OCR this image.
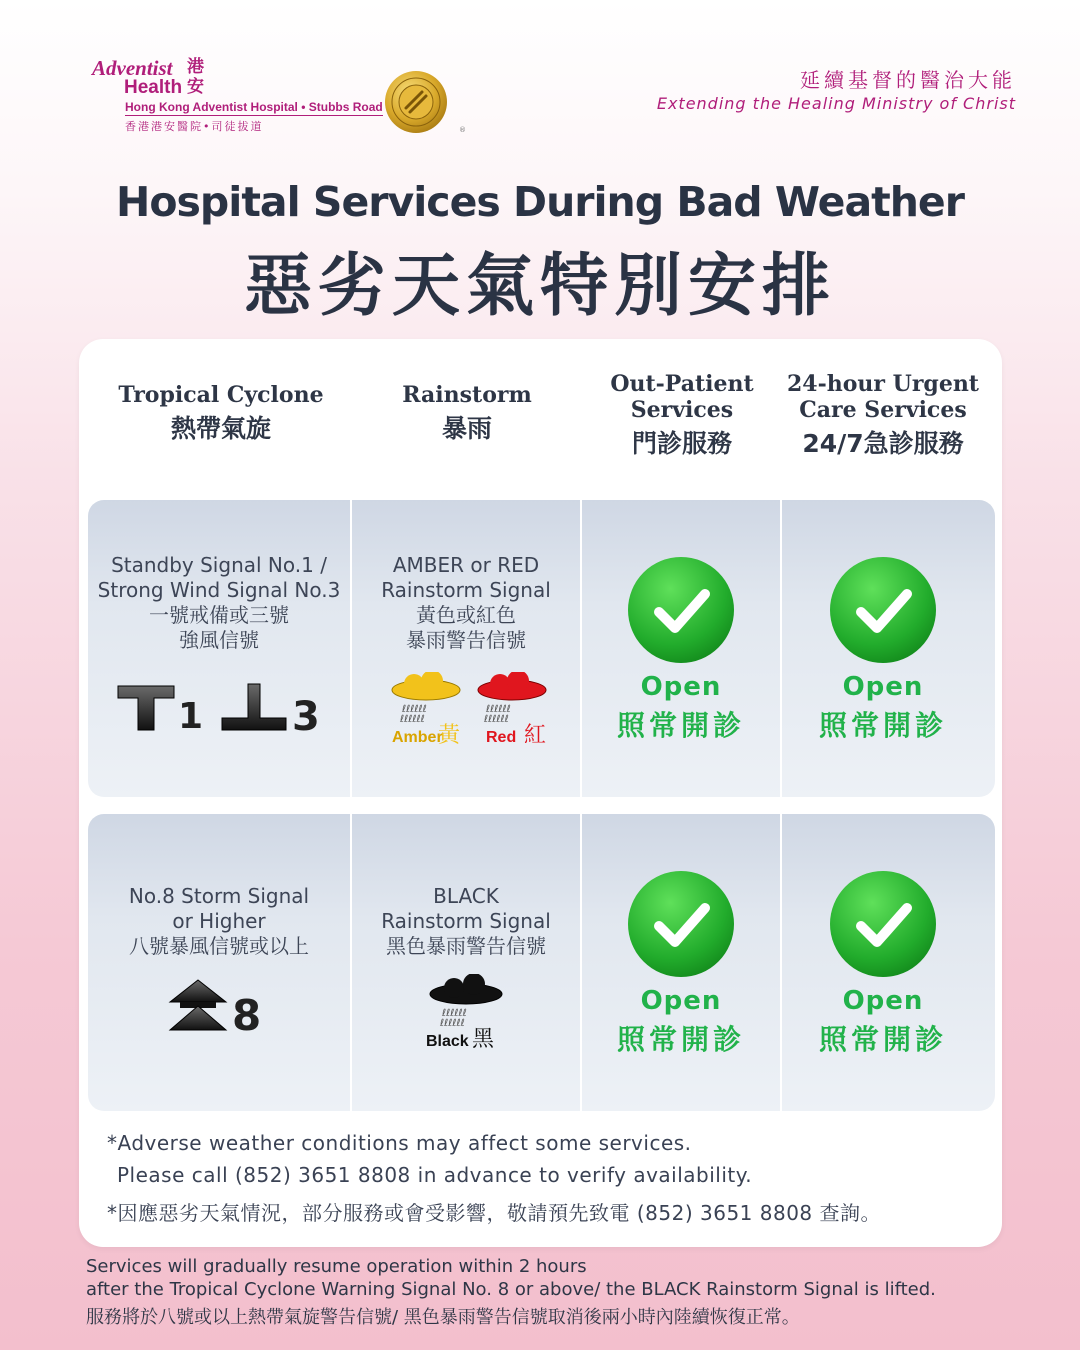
Adventist
Health
港安
Hong Kong Adventist Hospital • Stubbs Road
香港港安醫院•司徒拔道	®
延續基督的醫治大能
Extending the Healing Ministry of Christ
Hospital Services During Bad Weather
惡劣天氣特別安排
Tropical Cyclone
熱帶氣旋
Rainstorm
暴雨
Out-Patient
Services
門診服務
24-hour Urgent
Care Services
24/7急診服務
Standby Signal No.1 /
Strong Wind Signal No.3
一號戒備或三號
強風信號
1 3
AMBER or RED
Rainstorm Signal
黃色或紅色
暴雨警告信號
ℓℓℓℓℓℓ
ℓℓℓℓℓℓ
Amber
黃
ℓℓℓℓℓℓ
ℓℓℓℓℓℓ
Red 紅
Open
照常開診
Open
照常開診
No.8 Storm Signal
or Higher
八號暴風信號或以上
8
BLACK
Rainstorm Signal
黑色暴雨警告信號
ℓℓℓℓℓℓ
ℓℓℓℓℓℓ
Black 黑
Open
照常開診
Open
照常開診
*Adverse weather conditions may affect some services.
Please call (852) 3651 8808 in advance to verify availability.
*因應惡劣天氣情況，部分服務或會受影響，敬請預先致電 (852) 3651 8808 查詢。
Services will gradually resume operation within 2 hours
after the Tropical Cyclone Warning Signal No. 8 or above/ the BLACK Rainstorm Signal is lifted.
服務將於八號或以上熱帶氣旋警告信號/ 黑色暴雨警告信號取消後兩小時內陸續恢復正常。
